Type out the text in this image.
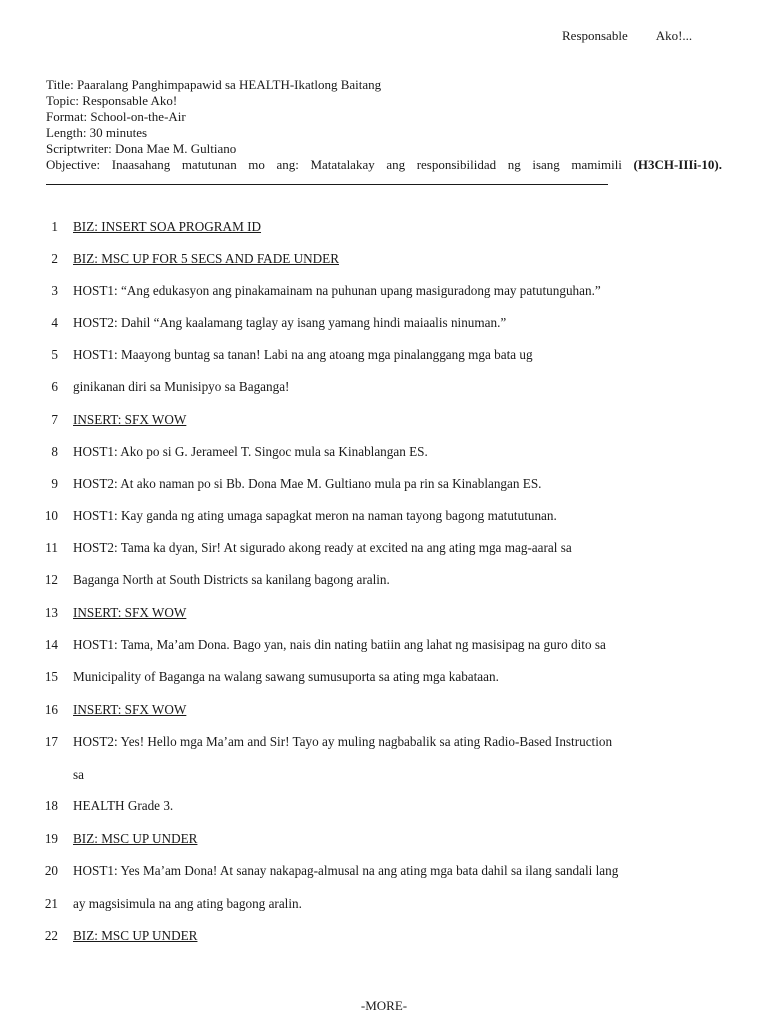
Responsable Ako!...
Title: Paaralang Panghimpapawid sa HEALTH-Ikatlong Baitang
Topic: Responsable Ako!
Format: School-on-the-Air
Length: 30 minutes
Scriptwriter: Dona Mae M. Gultiano
Objective: Inaasahang matutunan mo ang: Matatalakay ang responsibilidad ng isang mamimili (H3CH-IIIi-10).
1 BIZ: INSERT SOA PROGRAM ID
2 BIZ: MSC UP FOR 5 SECS AND FADE UNDER
3 HOST1: “Ang edukasyon ang pinakamainam na puhunan upang masiguradong may patutunguhan.”
4 HOST2: Dahil “Ang kaalamang taglay ay isang yamang hindi maiaalis ninuman.”
5 HOST1: Maayong buntag sa tanan! Labi na ang atoang mga pinalanggang mga bata ug
6 ginikanan diri sa Munisipyo sa Baganga!
7 INSERT: SFX WOW
8 HOST1: Ako po si G. Jerameel T. Singoc mula sa Kinablangan ES.
9 HOST2: At ako naman po si Bb. Dona Mae M. Gultiano mula pa rin sa Kinablangan ES.
10 HOST1: Kay ganda ng ating umaga sapagkat meron na naman tayong bagong matututunan.
11 HOST2: Tama ka dyan, Sir! At sigurado akong ready at excited na ang ating mga mag-aaral sa
12 Baganga North at South Districts sa kanilang bagong aralin.
13 INSERT: SFX WOW
14 HOST1: Tama, Ma’am Dona. Bago yan, nais din nating batiin ang lahat ng masisipag na guro dito sa
15 Municipality of Baganga na walang sawang sumusuporta sa ating mga kabataan.
16 INSERT: SFX WOW
17 HOST2: Yes! Hello mga Ma’am and Sir! Tayo ay muling nagbabalik sa ating Radio-Based Instruction
sa
18 HEALTH Grade 3.
19 BIZ: MSC UP UNDER
20 HOST1: Yes Ma’am Dona! At sanay nakapag-almusal na ang ating mga bata dahil sa ilang sandali lang
21 ay magsisimula na ang ating bagong aralin.
22 BIZ: MSC UP UNDER
-MORE-
